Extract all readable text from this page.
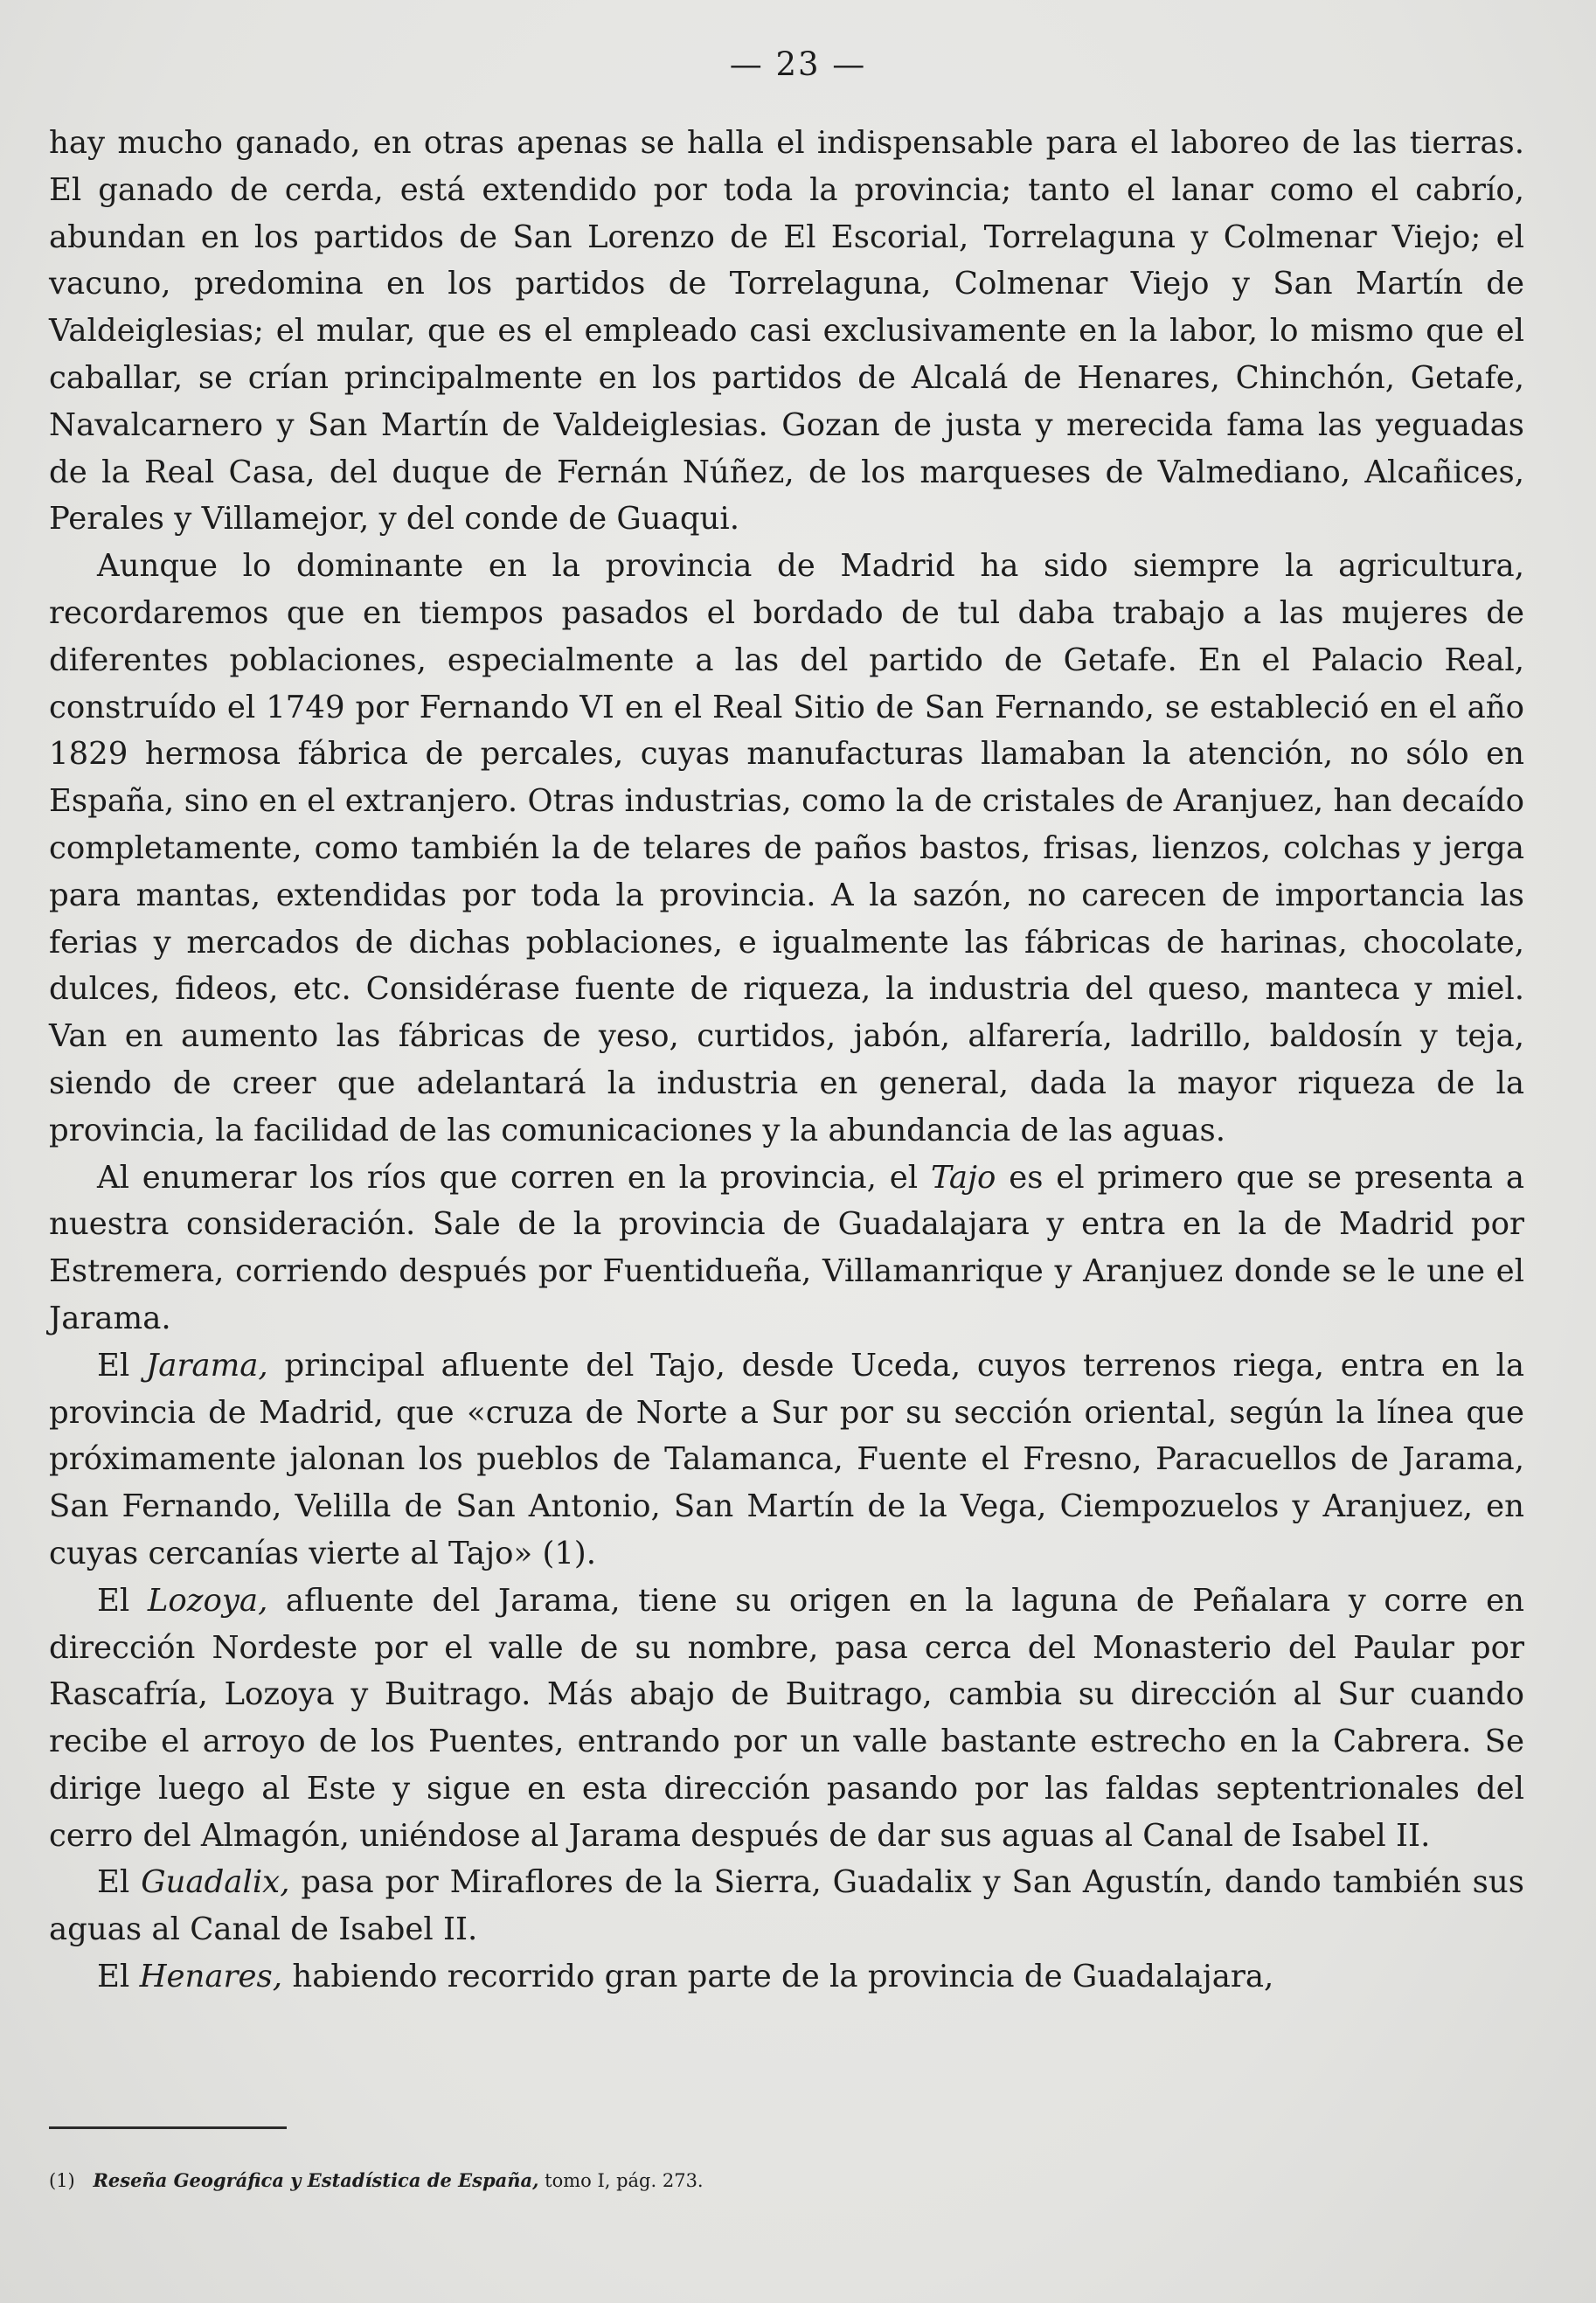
— 23 —

hay mucho ganado, en otras apenas se halla el indispensable para el laboreo de las tierras. El ganado de cerda, está extendido por toda la provincia; tanto el lanar como el cabrío, abundan en los partidos de San Lorenzo de El Escorial, Torrelaguna y Colmenar Viejo; el vacuno, predomina en los partidos de Torrelaguna, Colmenar Viejo y San Martín de Valdeiglesias; el mular, que es el empleado casi exclusivamente en la labor, lo mismo que el caballar, se crían principalmente en los partidos de Alcalá de Henares, Chinchón, Getafe, Navalcarnero y San Martín de Valdeiglesias. Gozan de justa y merecida fama las yeguadas de la Real Casa, del duque de Fernán Núñez, de los marqueses de Valmediano, Alcañices, Perales y Villamejor, y del conde de Guaqui.

Aunque lo dominante en la provincia de Madrid ha sido siempre la agricultura, recordaremos que en tiempos pasados el bordado de tul daba trabajo a las mujeres de diferentes poblaciones, especialmente a las del partido de Getafe. En el Palacio Real, construído el 1749 por Fernando VI en el Real Sitio de San Fernando, se estableció en el año 1829 hermosa fábrica de percales, cuyas manufacturas llamaban la atención, no sólo en España, sino en el extranjero. Otras industrias, como la de cristales de Aranjuez, han decaído completamente, como también la de telares de paños bastos, frisas, lienzos, colchas y jerga para mantas, extendidas por toda la provincia. A la sazón, no carecen de importancia las ferias y mercados de dichas poblaciones, e igualmente las fábricas de harinas, chocolate, dulces, fideos, etc. Considérase fuente de riqueza, la industria del queso, manteca y miel. Van en aumento las fábricas de yeso, curtidos, jabón, alfarería, ladrillo, baldosín y teja, siendo de creer que adelantará la industria en general, dada la mayor riqueza de la provincia, la facilidad de las comunicaciones y la abundancia de las aguas.

Al enumerar los ríos que corren en la provincia, el Tajo es el primero que se presenta a nuestra consideración. Sale de la provincia de Guadalajara y entra en la de Madrid por Estremera, corriendo después por Fuentidueña, Villamanrique y Aranjuez donde se le une el Jarama.

El Jarama, principal afluente del Tajo, desde Uceda, cuyos terrenos riega, entra en la provincia de Madrid, que «cruza de Norte a Sur por su sección oriental, según la línea que próximamente jalonan los pueblos de Talamanca, Fuente el Fresno, Paracuellos de Jarama, San Fernando, Velilla de San Antonio, San Martín de la Vega, Ciempozuelos y Aranjuez, en cuyas cercanías vierte al Tajo» (1).

El Lozoya, afluente del Jarama, tiene su origen en la laguna de Peñalara y corre en dirección Nordeste por el valle de su nombre, pasa cerca del Monasterio del Paular por Rascafría, Lozoya y Buitrago. Más abajo de Buitrago, cambia su dirección al Sur cuando recibe el arroyo de los Puentes, entrando por un valle bastante estrecho en la Cabrera. Se dirige luego al Este y sigue en esta dirección pasando por las faldas septentrionales del cerro del Almagón, uniéndose al Jarama después de dar sus aguas al Canal de Isabel II.

El Guadalix, pasa por Miraflores de la Sierra, Guadalix y San Agustín, dando también sus aguas al Canal de Isabel II.

El Henares, habiendo recorrido gran parte de la provincia de Guadalajara,

(1) Reseña Geográfica y Estadística de España, tomo I, pág. 273.
